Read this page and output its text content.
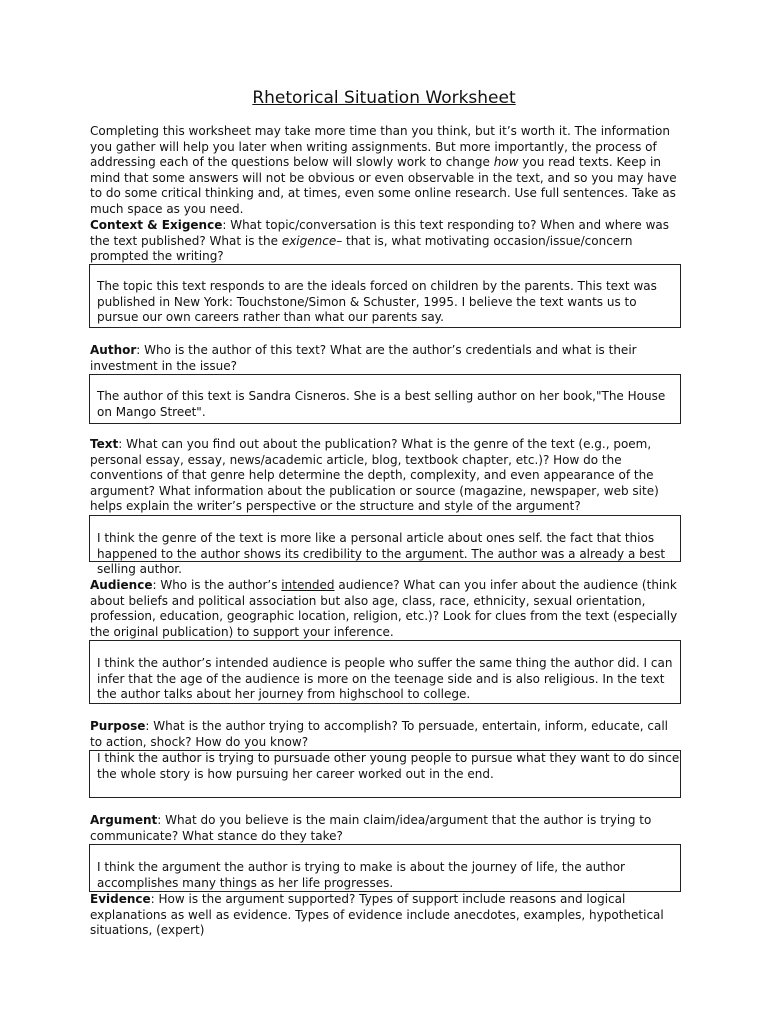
Rhetorical Situation Worksheet

Completing this worksheet may take more time than you think, but it’s worth it. The information you gather will help you later when writing assignments. But more importantly, the process of addressing each of the questions below will slowly work to change how you read texts. Keep in mind that some answers will not be obvious or even observable in the text, and so you may have to do some critical thinking and, at times, even some online research. Use full sentences. Take as much space as you need.

Context & Exigence: What topic/conversation is this text responding to? When and where was the text published? What is the exigence– that is, what motivating occasion/issue/concern prompted the writing?

The topic this text responds to are the ideals forced on children by the parents. This text was published in New York: Touchstone/Simon & Schuster, 1995. I believe the text wants us to pursue our own careers rather than what our parents say.

Author: Who is the author of this text? What are the author’s credentials and what is their investment in the issue?

The author of this text is Sandra Cisneros. She is a best selling author on her book,"The House on Mango Street".

Text: What can you find out about the publication? What is the genre of the text (e.g., poem, personal essay, essay, news/academic article, blog, textbook chapter, etc.)? How do the conventions of that genre help determine the depth, complexity, and even appearance of the argument? What information about the publication or source (magazine, newspaper, web site) helps explain the writer’s perspective or the structure and style of the argument?

I think the genre of the text is more like a personal article about ones self. the fact that thios happened to the author shows its credibility to the argument. The author was a already a best selling author.

Audience: Who is the author’s intended audience? What can you infer about the audience (think about beliefs and political association but also age, class, race, ethnicity, sexual orientation, profession, education, geographic location, religion, etc.)? Look for clues from the text (especially the original publication) to support your inference.

I think the author’s intended audience is people who suffer the same thing the author did. I can infer that the age of the audience is more on the teenage side and is also religious. In the text the author talks about her journey from highschool to college.

Purpose: What is the author trying to accomplish? To persuade, entertain, inform, educate, call to action, shock? How do you know?

I think the author is trying to pursuade other young people to pursue what they want to do since the whole story is how pursuing her career worked out in the end.

Argument: What do you believe is the main claim/idea/argument that the author is trying to communicate? What stance do they take?

I think the argument the author is trying to make is about the journey of life, the author accomplishes many things as her life progresses.

Evidence: How is the argument supported? Types of support include reasons and logical explanations as well as evidence. Types of evidence include anecdotes, examples, hypothetical situations, (expert)
